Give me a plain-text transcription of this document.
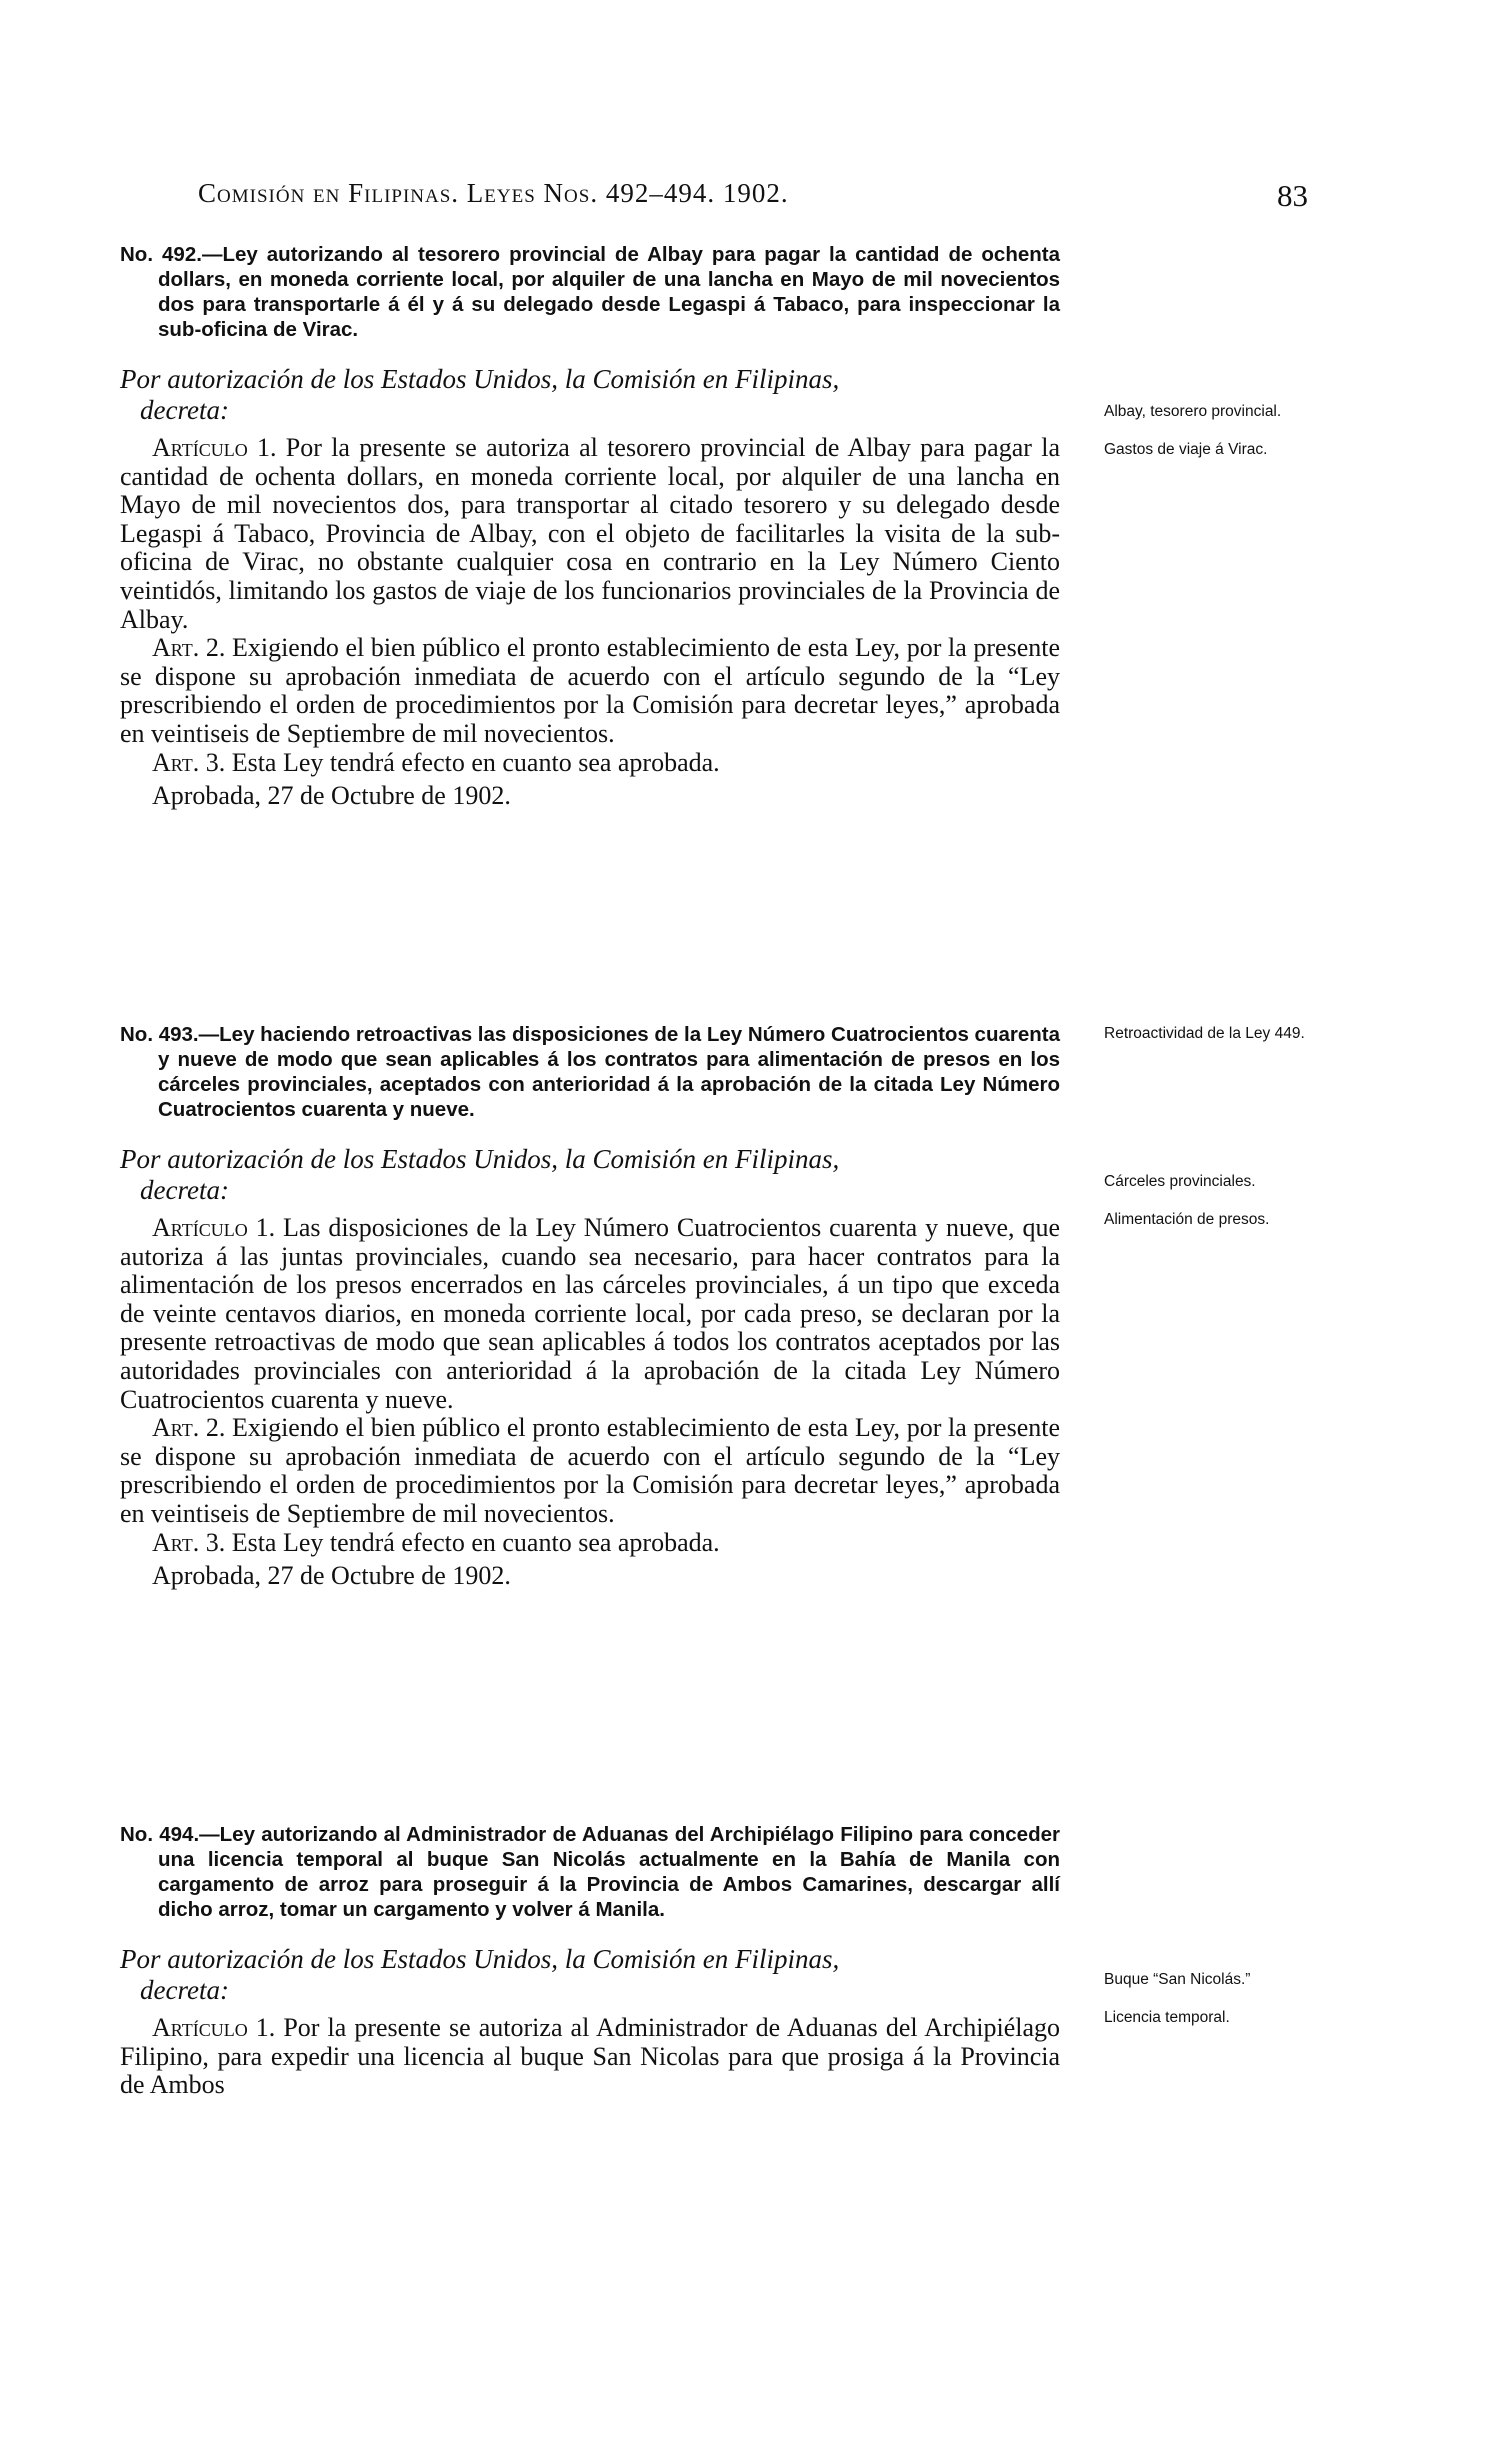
Comisión en Filipinas. Leyes Nos. 492–494. 1902.	83

No. 492.—Ley autorizando al tesorero provincial de Albay para pagar la cantidad de ochenta dollars, en moneda corriente local, por alquiler de una lancha en Mayo de mil novecientos dos para transportarle á él y á su delegado desde Legaspi á Tabaco, para inspeccionar la sub-oficina de Virac.

Por autorización de los Estados Unidos, la Comisión en Filipinas,
decreta:

Artículo 1. Por la presente se autoriza al tesorero provincial de Albay para pagar la cantidad de ochenta dollars, en moneda corriente local, por alquiler de una lancha en Mayo de mil novecientos dos, para transportar al citado tesorero y su delegado desde Legaspi á Tabaco, Provincia de Albay, con el objeto de facilitarles la visita de la sub-oficina de Virac, no obstante cualquier cosa en contrario en la Ley Número Ciento veintidós, limitando los gastos de viaje de los funcionarios provinciales de la Provincia de Albay.

Art. 2. Exigiendo el bien público el pronto establecimiento de esta Ley, por la presente se dispone su aprobación inmediata de acuerdo con el artículo segundo de la “Ley prescribiendo el orden de procedimientos por la Comisión para decretar leyes,” aprobada en veintiseis de Septiembre de mil novecientos.

Art. 3. Esta Ley tendrá efecto en cuanto sea aprobada.

Aprobada, 27 de Octubre de 1902.

Albay, tesorero provincial.
Gastos de viaje á Virac.

No. 493.—Ley haciendo retroactivas las disposiciones de la Ley Número Cuatrocientos cuarenta y nueve de modo que sean aplicables á los contratos para alimentación de presos en los cárceles provinciales, aceptados con anterioridad á la aprobación de la citada Ley Número Cuatrocientos cuarenta y nueve.

Por autorización de los Estados Unidos, la Comisión en Filipinas,
decreta:

Artículo 1. Las disposiciones de la Ley Número Cuatrocientos cuarenta y nueve, que autoriza á las juntas provinciales, cuando sea necesario, para hacer contratos para la alimentación de los presos encerrados en las cárceles provinciales, á un tipo que exceda de veinte centavos diarios, en moneda corriente local, por cada preso, se declaran por la presente retroactivas de modo que sean aplicables á todos los contratos aceptados por las autoridades provinciales con anterioridad á la aprobación de la citada Ley Número Cuatrocientos cuarenta y nueve.

Art. 2. Exigiendo el bien público el pronto establecimiento de esta Ley, por la presente se dispone su aprobación inmediata de acuerdo con el artículo segundo de la “Ley prescribiendo el orden de procedimientos por la Comisión para decretar leyes,” aprobada en veintiseis de Septiembre de mil novecientos.

Art. 3. Esta Ley tendrá efecto en cuanto sea aprobada.

Aprobada, 27 de Octubre de 1902.

Retroactividad de la Ley 449.
Cárceles provinciales.
Alimentación de presos.

No. 494.—Ley autorizando al Administrador de Aduanas del Archipiélago Filipino para conceder una licencia temporal al buque San Nicolás actualmente en la Bahía de Manila con cargamento de arroz para proseguir á la Provincia de Ambos Camarines, descargar allí dicho arroz, tomar un cargamento y volver á Manila.

Por autorización de los Estados Unidos, la Comisión en Filipinas,
decreta:

Artículo 1. Por la presente se autoriza al Administrador de Aduanas del Archipiélago Filipino, para expedir una licencia al buque San Nicolas para que prosiga á la Provincia de Ambos

Buque “San Nicolás.”
Licencia temporal.
